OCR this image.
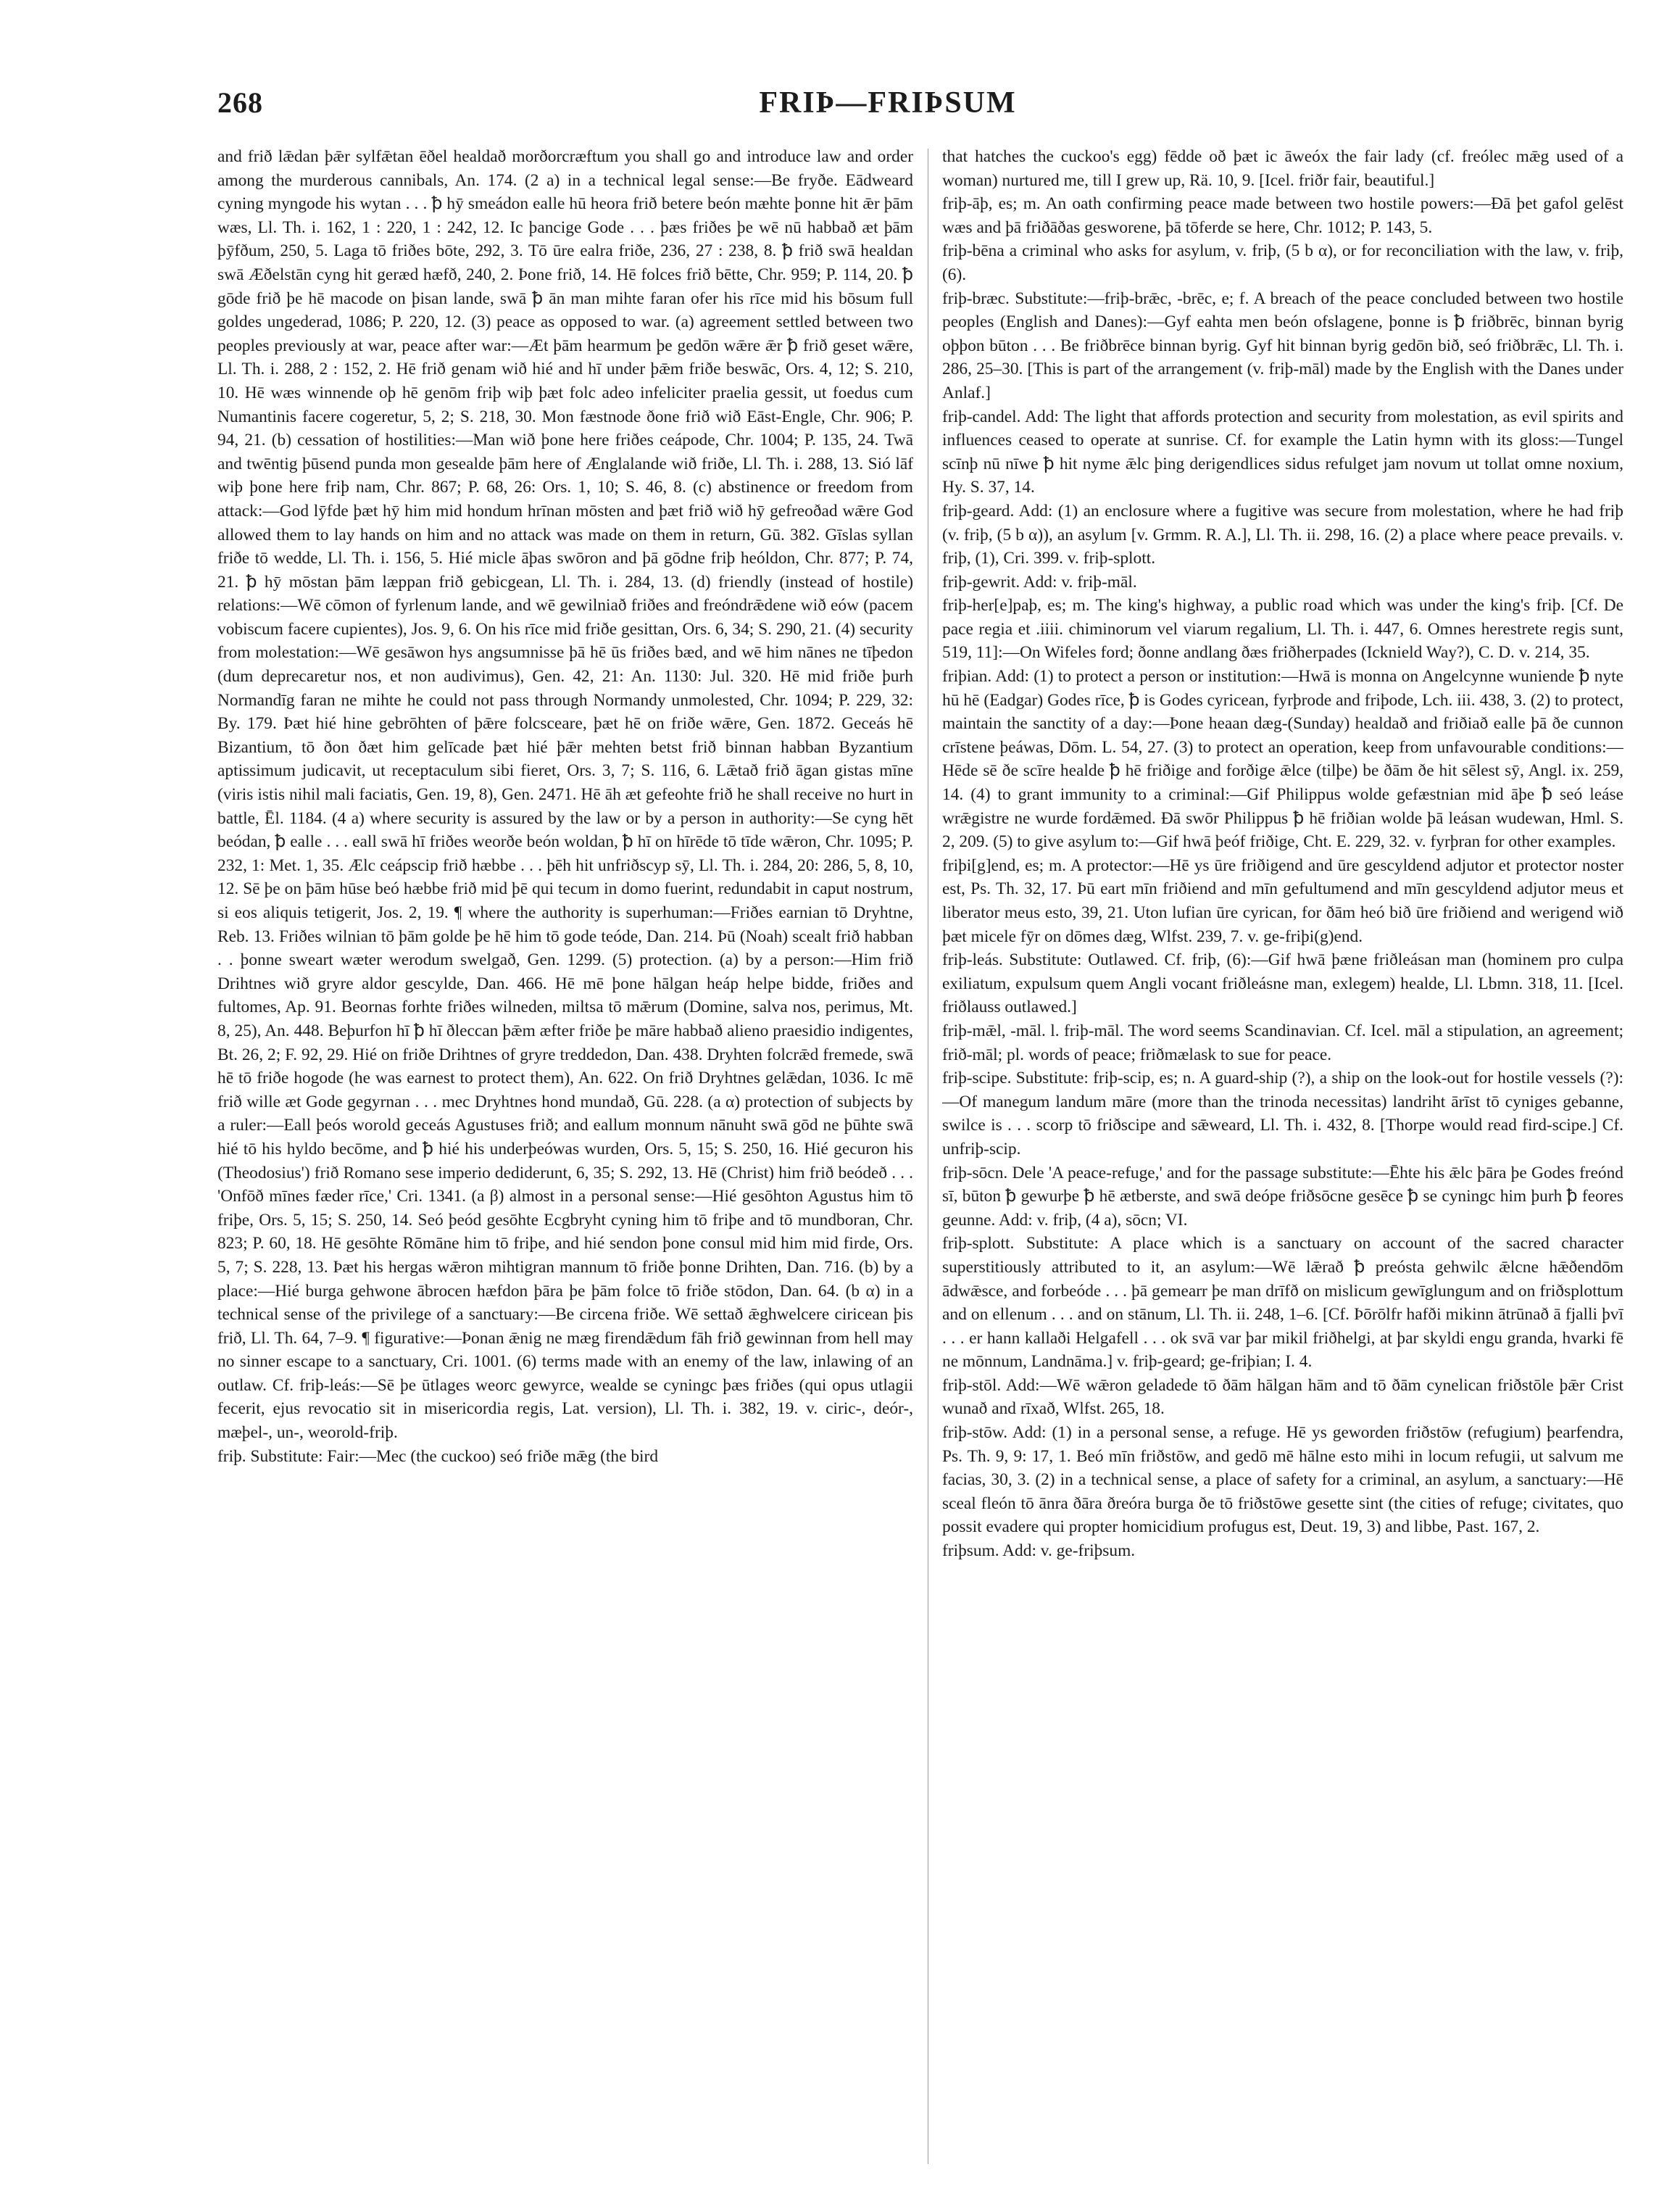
268	FRIÞ—FRIÞSUM

and frið lǣdan þǣr sylfǣtan ēðel healdað morðorcræftum you shall go and introduce law and order among the murderous cannibals, An. 174. (2 a) in a technical legal sense:—Be fryðe. Eādweard cyning myngode his wytan . . . ꝥ hȳ smeádon ealle hū heora frið betere beón mæhte þonne hit ǣr þām wæs, Ll. Th. i. 162, 1 : 220, 1 : 242, 12. Ic þancige Gode . . . þæs friðes þe wē nū habbað æt þām þȳfðum, 250, 5. Laga tō friðes bōte, 292, 3. Tō ūre ealra friðe, 236, 27 : 238, 8. ꝥ frið swā healdan swā Æðelstān cyng hit geræd hæfð, 240, 2. Þone frið, 14. Hē folces frið bētte, Chr. 959; P. 114, 20. ꝥ gōde frið þe hē macode on þisan lande, swā ꝥ ān man mihte faran ofer his rīce mid his bōsum full goldes ungederad, 1086; P. 220, 12. (3) peace as opposed to war. (a) agreement settled between two peoples previously at war, peace after war:—Æt þām hearmum þe gedōn wǣre ǣr ꝥ frið geset wǣre, Ll. Th. i. 288, 2 : 152, 2. Hē frið genam wið hié and hī under þǣm friðe beswāc, Ors. 4, 12; S. 210, 10. Hē wæs winnende oþ hē genōm friþ wiþ þæt folc adeo infeliciter praelia gessit, ut foedus cum Numantinis facere cogeretur, 5, 2; S. 218, 30. Mon fæstnode ðone frið wið Eāst-Engle, Chr. 906; P. 94, 21. (b) cessation of hostilities:—Man wið þone here friðes ceápode, Chr. 1004; P. 135, 24. Twā and twēntig þūsend punda mon gesealde þām here of Ænglalande wið friðe, Ll. Th. i. 288, 13. Sió lāf wiþ þone here friþ nam, Chr. 867; P. 68, 26: Ors. 1, 10; S. 46, 8. (c) abstinence or freedom from attack:—God lȳfde þæt hȳ him mid hondum hrīnan mōsten and þæt frið wið hȳ gefreoðad wǣre God allowed them to lay hands on him and no attack was made on them in return, Gū. 382. Gīslas syllan friðe tō wedde, Ll. Th. i. 156, 5. Hié micle āþas swōron and þā gōdne friþ heóldon, Chr. 877; P. 74, 21. ꝥ hȳ mōstan þām læppan frið gebicgean, Ll. Th. i. 284, 13. (d) friendly (instead of hostile) relations:—Wē cōmon of fyrlenum lande, and wē gewilniað friðes and freóndrǣdene wið eów (pacem vobiscum facere cupientes), Jos. 9, 6. On his rīce mid friðe gesittan, Ors. 6, 34; S. 290, 21. (4) security from molestation:—Wē gesāwon hys angsumnisse þā hē ūs friðes bæd, and wē him nānes ne tīþedon (dum deprecaretur nos, et non audivimus), Gen. 42, 21: An. 1130: Jul. 320. Hē mid friðe þurh Normandīg faran ne mihte he could not pass through Normandy unmolested, Chr. 1094; P. 229, 32: By. 179. Þæt hié hine gebrōhten of þǣre folcsceare, þæt hē on friðe wǣre, Gen. 1872. Geceás hē Bizantium, tō ðon ðæt him gelīcade þæt hié þǣr mehten betst frið binnan habban Byzantium aptissimum judicavit, ut receptaculum sibi fieret, Ors. 3, 7; S. 116, 6. Lǣtað frið āgan gistas mīne (viris istis nihil mali faciatis, Gen. 19, 8), Gen. 2471. Hē āh æt gefeohte frið he shall receive no hurt in battle, Ēl. 1184. (4 a) where security is assured by the law or by a person in authority:—Se cyng hēt beódan, ꝥ ealle . . . eall swā hī friðes weorðe beón woldan, ꝥ hī on hīrēde tō tīde wǣron, Chr. 1095; P. 232, 1: Met. 1, 35. Ælc ceápscip frið hæbbe . . . þēh hit unfriðscyp sȳ, Ll. Th. i. 284, 20: 286, 5, 8, 10, 12. Sē þe on þām hūse beó hæbbe frið mid þē qui tecum in domo fuerint, redundabit in caput nostrum, si eos aliquis tetigerit, Jos. 2, 19. ¶ where the authority is superhuman:—Friðes earnian tō Dryhtne, Reb. 13. Friðes wilnian tō þām golde þe hē him tō gode teóde, Dan. 214. Þū (Noah) scealt frið habban . . þonne sweart wæter werodum swelgað, Gen. 1299. (5) protection. (a) by a person:—Him frið Drihtnes wið gryre aldor gescylde, Dan. 466. Hē mē þone hālgan heáp helpe bidde, friðes and fultomes, Ap. 91. Beornas forhte friðes wilneden, miltsa tō mǣrum (Domine, salva nos, perimus, Mt. 8, 25), An. 448. Beþurfon hī ꝥ hī ðleccan þǣm æfter friðe þe māre habbað alieno praesidio indigentes, Bt. 26, 2; F. 92, 29. Hié on friðe Drihtnes of gryre treddedon, Dan. 438. Dryhten folcrǣd fremede, swā hē tō friðe hogode (he was earnest to protect them), An. 622. On frið Dryhtnes gelǣdan, 1036. Ic mē frið wille æt Gode gegyrnan . . . mec Dryhtnes hond mundað, Gū. 228. (a α) protection of subjects by a ruler:—Eall þeós worold geceás Agustuses frið; and eallum monnum nānuht swā gōd ne þūhte swā hié tō his hyldo becōme, and ꝥ hié his underþeówas wurden, Ors. 5, 15; S. 250, 16. Hié gecuron his (Theodosius') frið Romano sese imperio dediderunt, 6, 35; S. 292, 13. Hē (Christ) him frið beódeð . . . 'Onfōð mīnes fæder rīce,' Cri. 1341. (a β) almost in a personal sense:—Hié gesōhton Agustus him tō friþe, Ors. 5, 15; S. 250, 14. Seó þeód gesōhte Ecgbryht cyning him tō friþe and tō mundboran, Chr. 823; P. 60, 18. Hē gesōhte Rōmāne him tō friþe, and hié sendon þone consul mid him mid firde, Ors. 5, 7; S. 228, 13. Þæt his hergas wǣron mihtigran mannum tō friðe þonne Drihten, Dan. 716. (b) by a place:—Hié burga gehwone ābrocen hæfdon þāra þe þām folce tō friðe stōdon, Dan. 64. (b α) in a technical sense of the privilege of a sanctuary:—Be circena friðe. Wē settað ǣghwelcere ciricean þis frið, Ll. Th. 64, 7–9. ¶ figurative:—Þonan ǣnig ne mæg firendǣdum fāh frið gewinnan from hell may no sinner escape to a sanctuary, Cri. 1001. (6) terms made with an enemy of the law, inlawing of an outlaw. Cf. friþ-leás:—Sē þe ūtlages weorc gewyrce, wealde se cyningc þæs friðes (qui opus utlagii fecerit, ejus revocatio sit in misericordia regis, Lat. version), Ll. Th. i. 382, 19. v. ciric-, deór-, mæþel-, un-, weorold-friþ.

friþ. Substitute: Fair:—Mec (the cuckoo) seó friðe mǣg (the bird

that hatches the cuckoo's egg) fēdde oð þæt ic āweóx the fair lady (cf. freólec mǣg used of a woman) nurtured me, till I grew up, Rä. 10, 9. [Icel. friðr fair, beautiful.]

friþ-āþ, es; m. An oath confirming peace made between two hostile powers:—Ðā þet gafol gelēst wæs and þā friðāðas gesworene, þā tōferde se here, Chr. 1012; P. 143, 5.

friþ-bēna a criminal who asks for asylum, v. friþ, (5 b α), or for reconciliation with the law, v. friþ, (6).

friþ-bræc. Substitute:—friþ-brǣc, -brēc, e; f. A breach of the peace concluded between two hostile peoples (English and Danes):—Gyf eahta men beón ofslagene, þonne is ꝥ friðbrēc, binnan byrig oþþon būton . . . Be friðbrēce binnan byrig. Gyf hit binnan byrig gedōn bið, seó friðbrǣc, Ll. Th. i. 286, 25–30. [This is part of the arrangement (v. friþ-māl) made by the English with the Danes under Anlaf.]

friþ-candel. Add: The light that affords protection and security from molestation, as evil spirits and influences ceased to operate at sunrise. Cf. for example the Latin hymn with its gloss:—Tungel scīnþ nū nīwe ꝥ hit nyme ǣlc þing derigendlices sidus refulget jam novum ut tollat omne noxium, Hy. S. 37, 14.

friþ-geard. Add: (1) an enclosure where a fugitive was secure from molestation, where he had friþ (v. friþ, (5 b α)), an asylum [v. Grmm. R. A.], Ll. Th. ii. 298, 16. (2) a place where peace prevails. v. friþ, (1), Cri. 399. v. friþ-splott.

friþ-gewrit. Add: v. friþ-māl.

friþ-her[e]paþ, es; m. The king's highway, a public road which was under the king's friþ. [Cf. De pace regia et .iiii. chiminorum vel viarum regalium, Ll. Th. i. 447, 6. Omnes herestrete regis sunt, 519, 11]:—On Wifeles ford; ðonne andlang ðæs friðherpades (Icknield Way?), C. D. v. 214, 35.

friþian. Add: (1) to protect a person or institution:—Hwā is monna on Angelcynne wuniende ꝥ nyte hū hē (Eadgar) Godes rīce, ꝥ is Godes cyricean, fyrþrode and friþode, Lch. iii. 438, 3. (2) to protect, maintain the sanctity of a day:—Þone heaan dæg-(Sunday) healdað and friðiað ealle þā ðe cunnon crīstene þeáwas, Dōm. L. 54, 27. (3) to protect an operation, keep from unfavourable conditions:—Hēde sē ðe scīre healde ꝥ hē friðige and forðige ǣlce (tilþe) be ðām ðe hit sēlest sȳ, Angl. ix. 259, 14. (4) to grant immunity to a criminal:—Gif Philippus wolde gefæstnian mid āþe ꝥ seó leáse wrǣgistre ne wurde fordǣmed. Ðā swōr Philippus ꝥ hē friðian wolde þā leásan wudewan, Hml. S. 2, 209. (5) to give asylum to:—Gif hwā þeóf friðige, Cht. E. 229, 32. v. fyrþran for other examples.

friþi[g]end, es; m. A protector:—Hē ys ūre friðigend and ūre gescyldend adjutor et protector noster est, Ps. Th. 32, 17. Þū eart mīn friðiend and mīn gefultumend and mīn gescyldend adjutor meus et liberator meus esto, 39, 21. Uton lufian ūre cyrican, for ðām heó bið ūre friðiend and werigend wið þæt micele fȳr on dōmes dæg, Wlfst. 239, 7. v. ge-friþi(g)end.

friþ-leás. Substitute: Outlawed. Cf. friþ, (6):—Gif hwā þæne friðleásan man (hominem pro culpa exiliatum, expulsum quem Angli vocant friðleásne man, exlegem) healde, Ll. Lbmn. 318, 11. [Icel. friðlauss outlawed.]

friþ-mǣl, -māl. l. friþ-māl. The word seems Scandinavian. Cf. Icel. māl a stipulation, an agreement; frið-māl; pl. words of peace; friðmælask to sue for peace.

friþ-scipe. Substitute: friþ-scip, es; n. A guard-ship (?), a ship on the look-out for hostile vessels (?):—Of manegum landum māre (more than the trinoda necessitas) landriht ārīst tō cyniges gebanne, swilce is . . . scorp tō friðscipe and sǣweard, Ll. Th. i. 432, 8. [Thorpe would read fird-scipe.] Cf. unfriþ-scip.

friþ-sōcn. Dele 'A peace-refuge,' and for the passage substitute:—Ēhte his ǣlc þāra þe Godes freónd sī, būton ꝥ gewurþe ꝥ hē ætberste, and swā deópe friðsōcne gesēce ꝥ se cyningc him þurh ꝥ feores geunne. Add: v. friþ, (4 a), sōcn; VI.

friþ-splott. Substitute: A place which is a sanctuary on account of the sacred character superstitiously attributed to it, an asylum:—Wē lǣrað ꝥ preósta gehwilc ǣlcne hǣðendōm ādwǣsce, and forbeóde . . . þā gemearr þe man drīfð on mislicum gewīglungum and on friðsplottum and on ellenum . . . and on stānum, Ll. Th. ii. 248, 1–6. [Cf. Þōrōlfr hafði mikinn ātrūnað ā fjalli þvī . . . er hann kallaði Helgafell . . . ok svā var þar mikil friðhelgi, at þar skyldi engu granda, hvarki fē ne mōnnum, Landnāma.] v. friþ-geard; ge-friþian; I. 4.

friþ-stōl. Add:—Wē wǣron geladede tō ðām hālgan hām and tō ðām cynelican friðstōle þǣr Crist wunað and rīxað, Wlfst. 265, 18.

friþ-stōw. Add: (1) in a personal sense, a refuge. Hē ys geworden friðstōw (refugium) þearfendra, Ps. Th. 9, 9: 17, 1. Beó mīn friðstōw, and gedō mē hālne esto mihi in locum refugii, ut salvum me facias, 30, 3. (2) in a technical sense, a place of safety for a criminal, an asylum, a sanctuary:—Hē sceal fleón tō ānra ðāra ðreóra burga ðe tō friðstōwe gesette sint (the cities of refuge; civitates, quo possit evadere qui propter homicidium profugus est, Deut. 19, 3) and libbe, Past. 167, 2.

friþsum. Add: v. ge-friþsum.
